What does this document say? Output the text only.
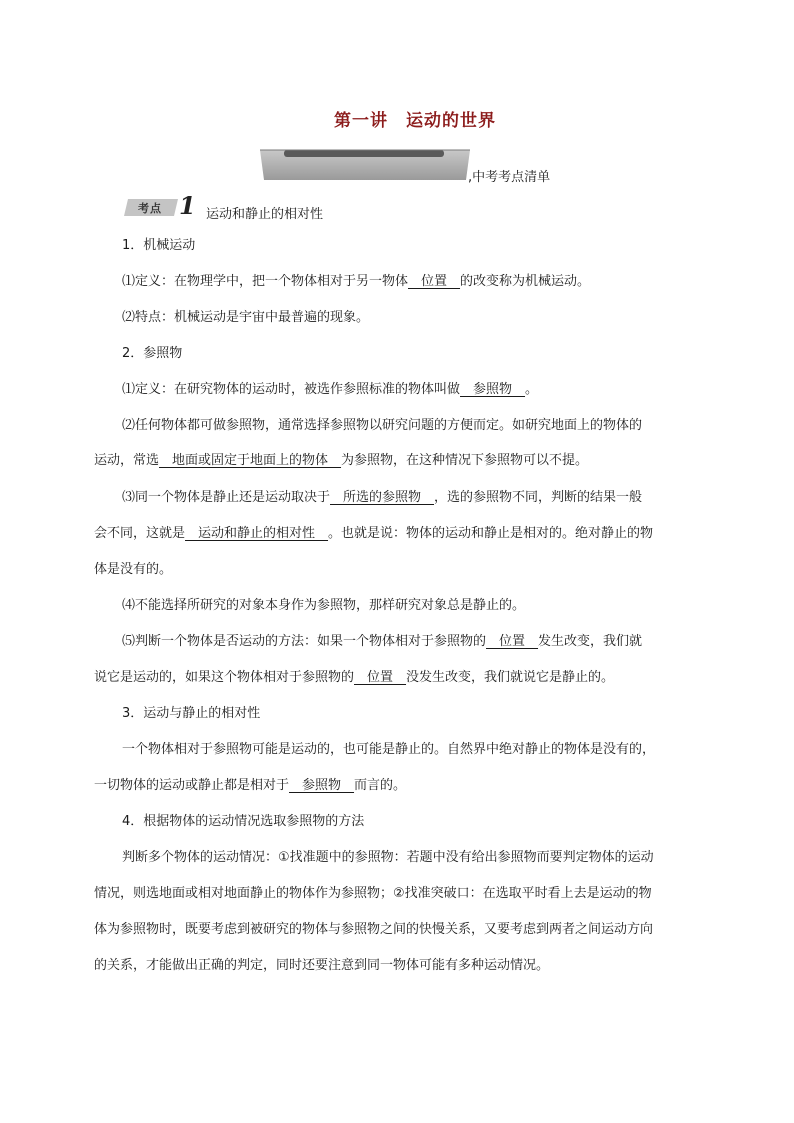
第一讲　运动的世界
,中考考点清单
考点 1 运动和静止的相对性
1．机械运动
⑴定义：在物理学中，把一个物体相对于另一物体  位置  的改变称为机械运动。
⑵特点：机械运动是宇宙中最普遍的现象。
2．参照物
⑴定义：在研究物体的运动时，被选作参照标准的物体叫做  参照物  。
⑵任何物体都可做参照物，通常选择参照物以研究问题的方便而定。如研究地面上的物体的
运动，常选  地面或固定于地面上的物体  为参照物，在这种情况下参照物可以不提。
⑶同一个物体是静止还是运动取决于  所选的参照物  ，选的参照物不同，判断的结果一般
会不同，这就是  运动和静止的相对性  。也就是说：物体的运动和静止是相对的。绝对静止的物
体是没有的。
⑷不能选择所研究的对象本身作为参照物，那样研究对象总是静止的。
⑸判断一个物体是否运动的方法：如果一个物体相对于参照物的  位置  发生改变，我们就
说它是运动的，如果这个物体相对于参照物的  位置  没发生改变，我们就说它是静止的。
3．运动与静止的相对性
一个物体相对于参照物可能是运动的，也可能是静止的。自然界中绝对静止的物体是没有的，
一切物体的运动或静止都是相对于  参照物  而言的。
4．根据物体的运动情况选取参照物的方法
判断多个物体的运动情况：①找准题中的参照物：若题中没有给出参照物而要判定物体的运动
情况，则选地面或相对地面静止的物体作为参照物；②找准突破口：在选取平时看上去是运动的物
体为参照物时，既要考虑到被研究的物体与参照物之间的快慢关系，又要考虑到两者之间运动方向
的关系，才能做出正确的判定，同时还要注意到同一物体可能有多种运动情况。
